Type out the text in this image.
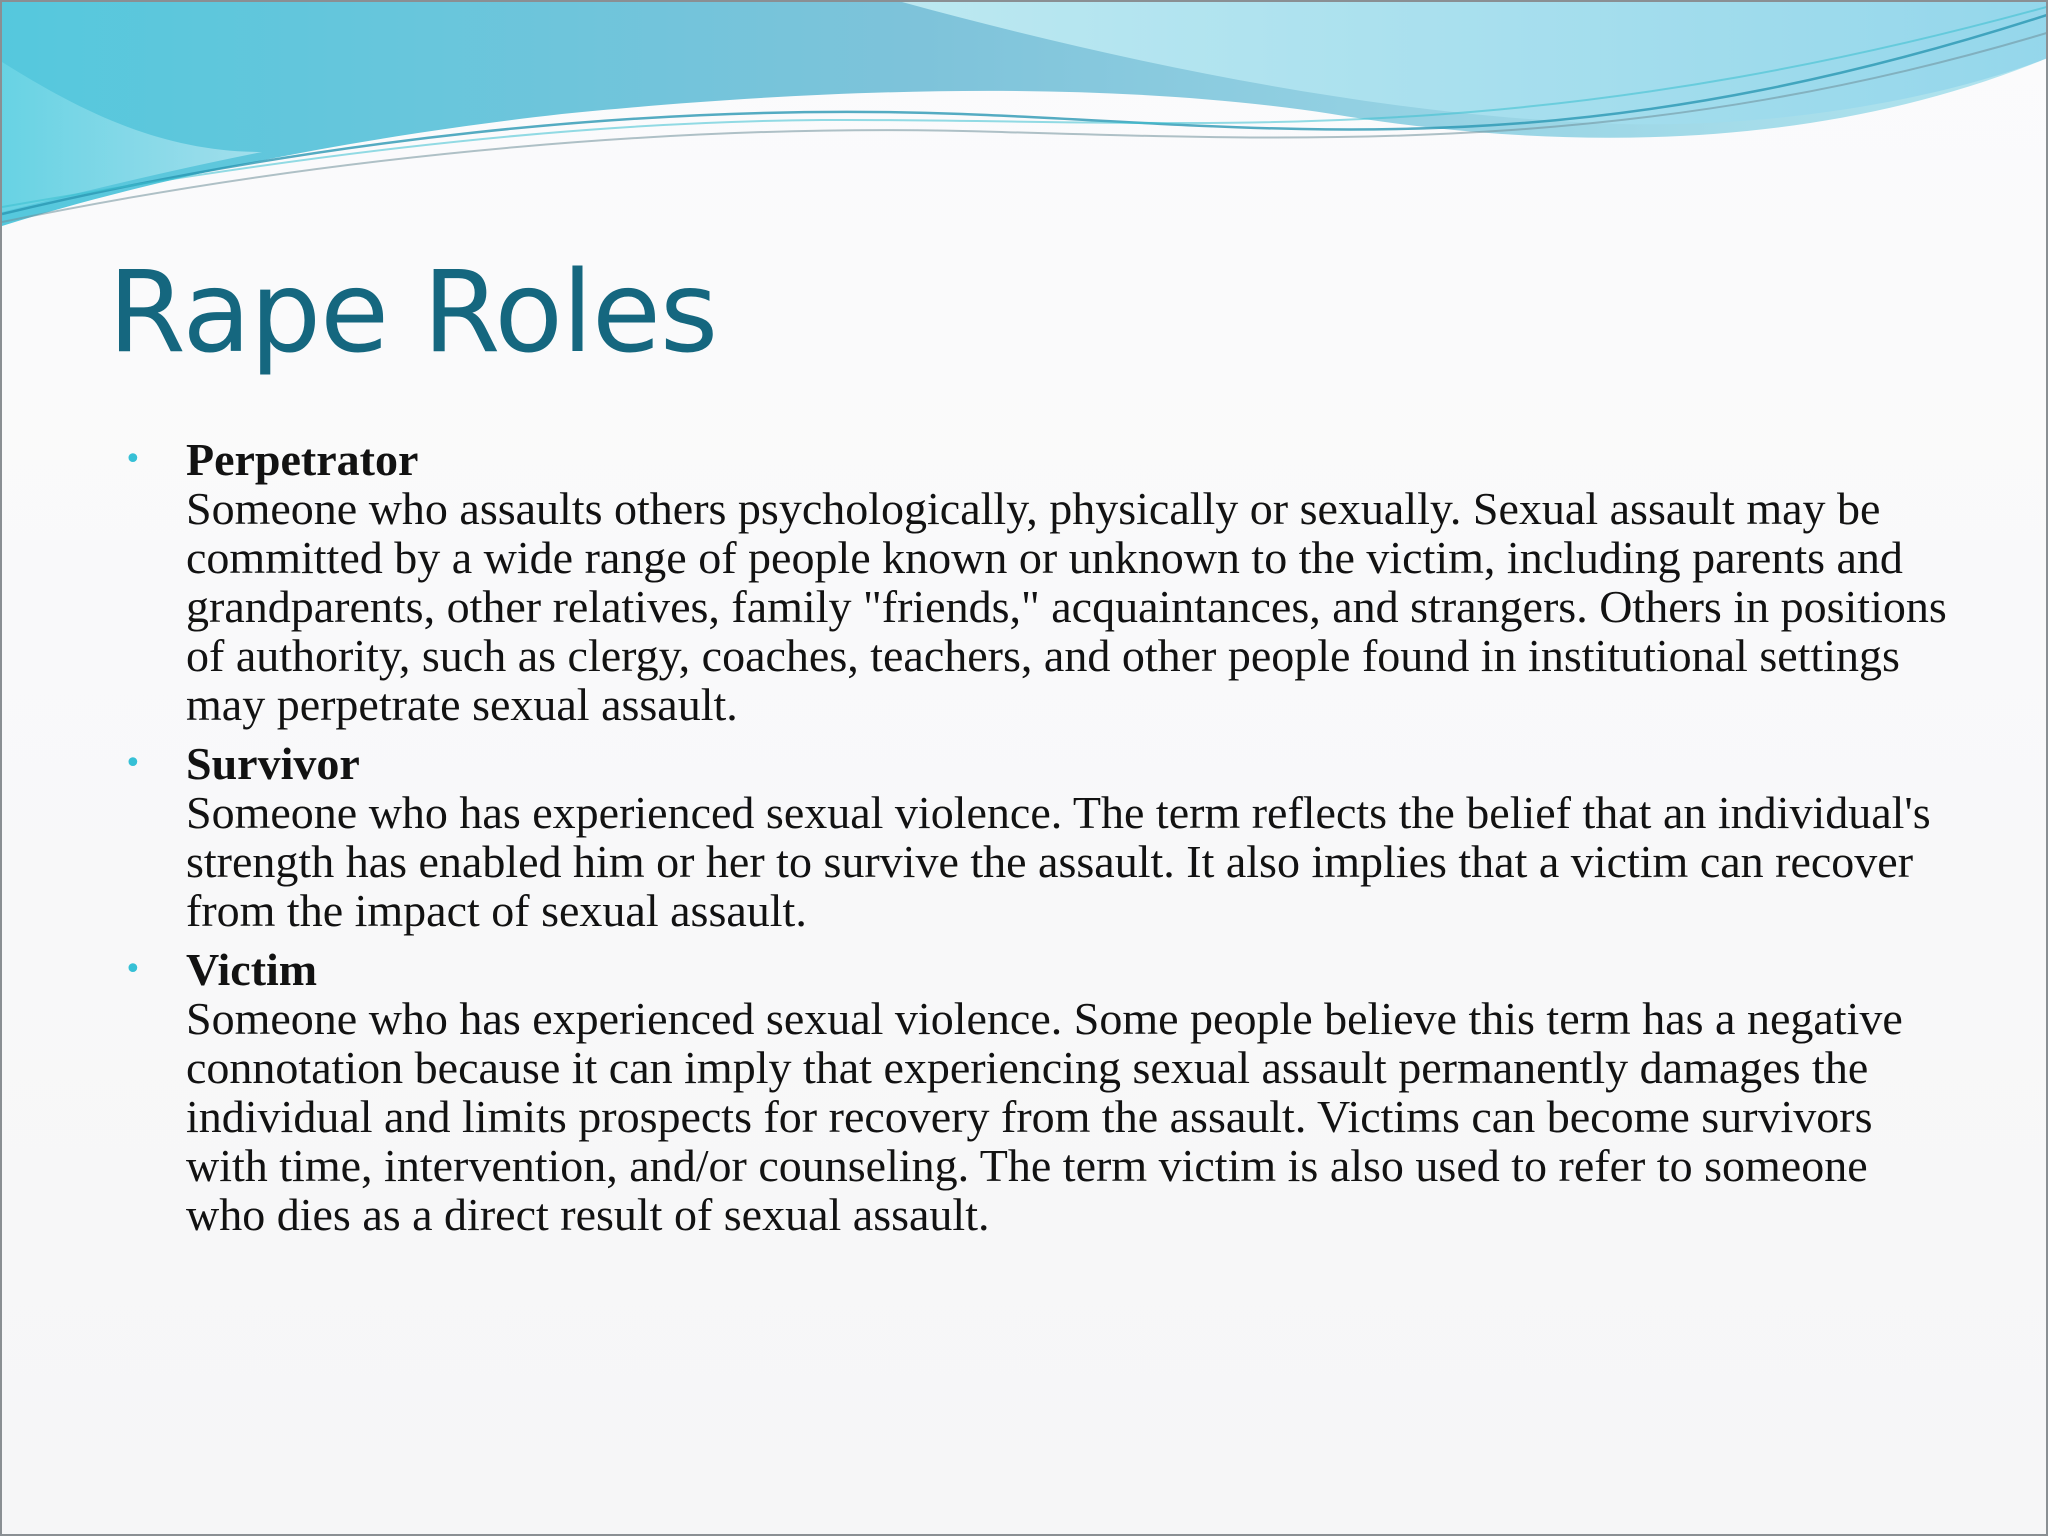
Rape Roles
• Perpetrator
Someone who assaults others psychologically, physically or sexually. Sexual assault may be committed by a wide range of people known or unknown to the victim, including parents and grandparents, other relatives, family "friends," acquaintances, and strangers. Others in positions of authority, such as clergy, coaches, teachers, and other people found in institutional settings may perpetrate sexual assault.
• Survivor
Someone who has experienced sexual violence. The term reflects the belief that an individual's strength has enabled him or her to survive the assault. It also implies that a victim can recover from the impact of sexual assault.
• Victim
Someone who has experienced sexual violence. Some people believe this term has a negative connotation because it can imply that experiencing sexual assault permanently damages the individual and limits prospects for recovery from the assault. Victims can become survivors with time, intervention, and/or counseling. The term victim is also used to refer to someone who dies as a direct result of sexual assault.
